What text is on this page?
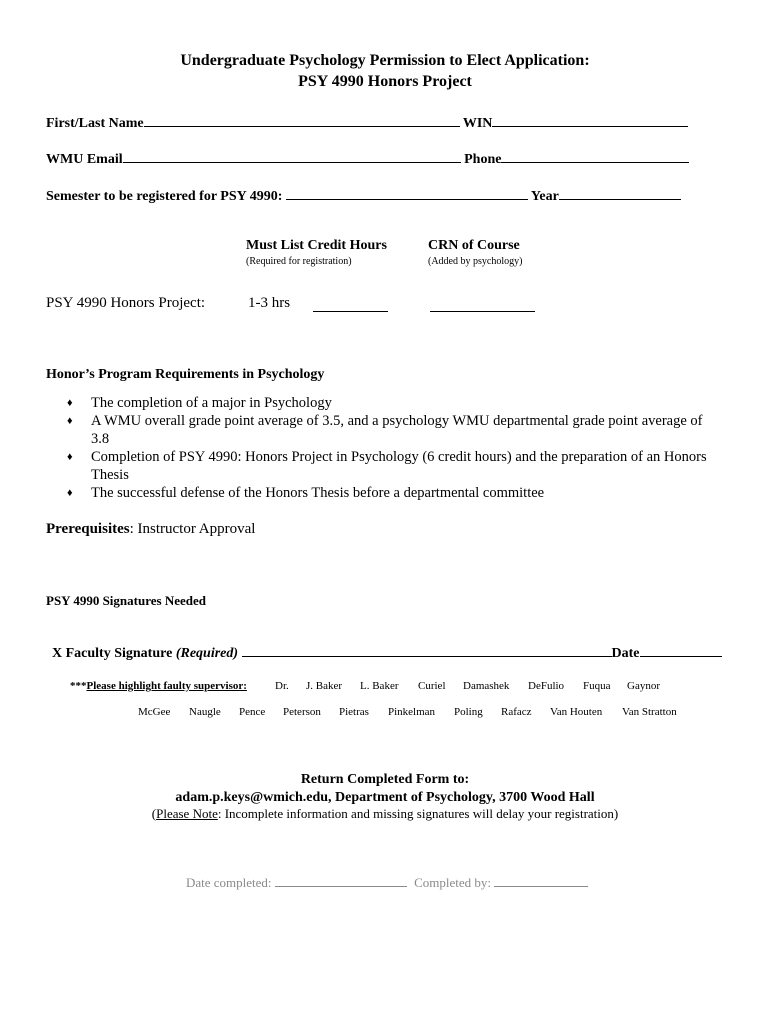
Undergraduate Psychology Permission to Elect Application:
PSY 4990 Honors Project
First/Last Name	WIN
WMU Email	Phone
Semester to be registered for PSY 4990:	Year
Must List Credit Hours
(Required for registration)
CRN of Course
(Added by psychology)
PSY 4990 Honors Project:	1-3 hrs
Honor’s Program Requirements in Psychology
♦ The completion of a major in Psychology
♦ A WMU overall grade point average of 3.5, and a psychology WMU departmental grade point average of 3.8
♦ Completion of PSY 4990: Honors Project in Psychology (6 credit hours) and the preparation of an Honors Thesis
♦ The successful defense of the Honors Thesis before a departmental committee
Prerequisites: Instructor Approval
PSY 4990 Signatures Needed
X Faculty Signature (Required)	Date
***Please highlight faulty supervisor:	Dr. J. Baker L. Baker Curiel Damashek DeFulio Fuqua Gaynor
McGee Naugle Pence Peterson Pietras Pinkelman Poling Rafacz Van Houten Van Stratton
Return Completed Form to:
adam.p.keys@wmich.edu, Department of Psychology, 3700 Wood Hall
(Please Note: Incomplete information and missing signatures will delay your registration)
Date completed:	Completed by:
